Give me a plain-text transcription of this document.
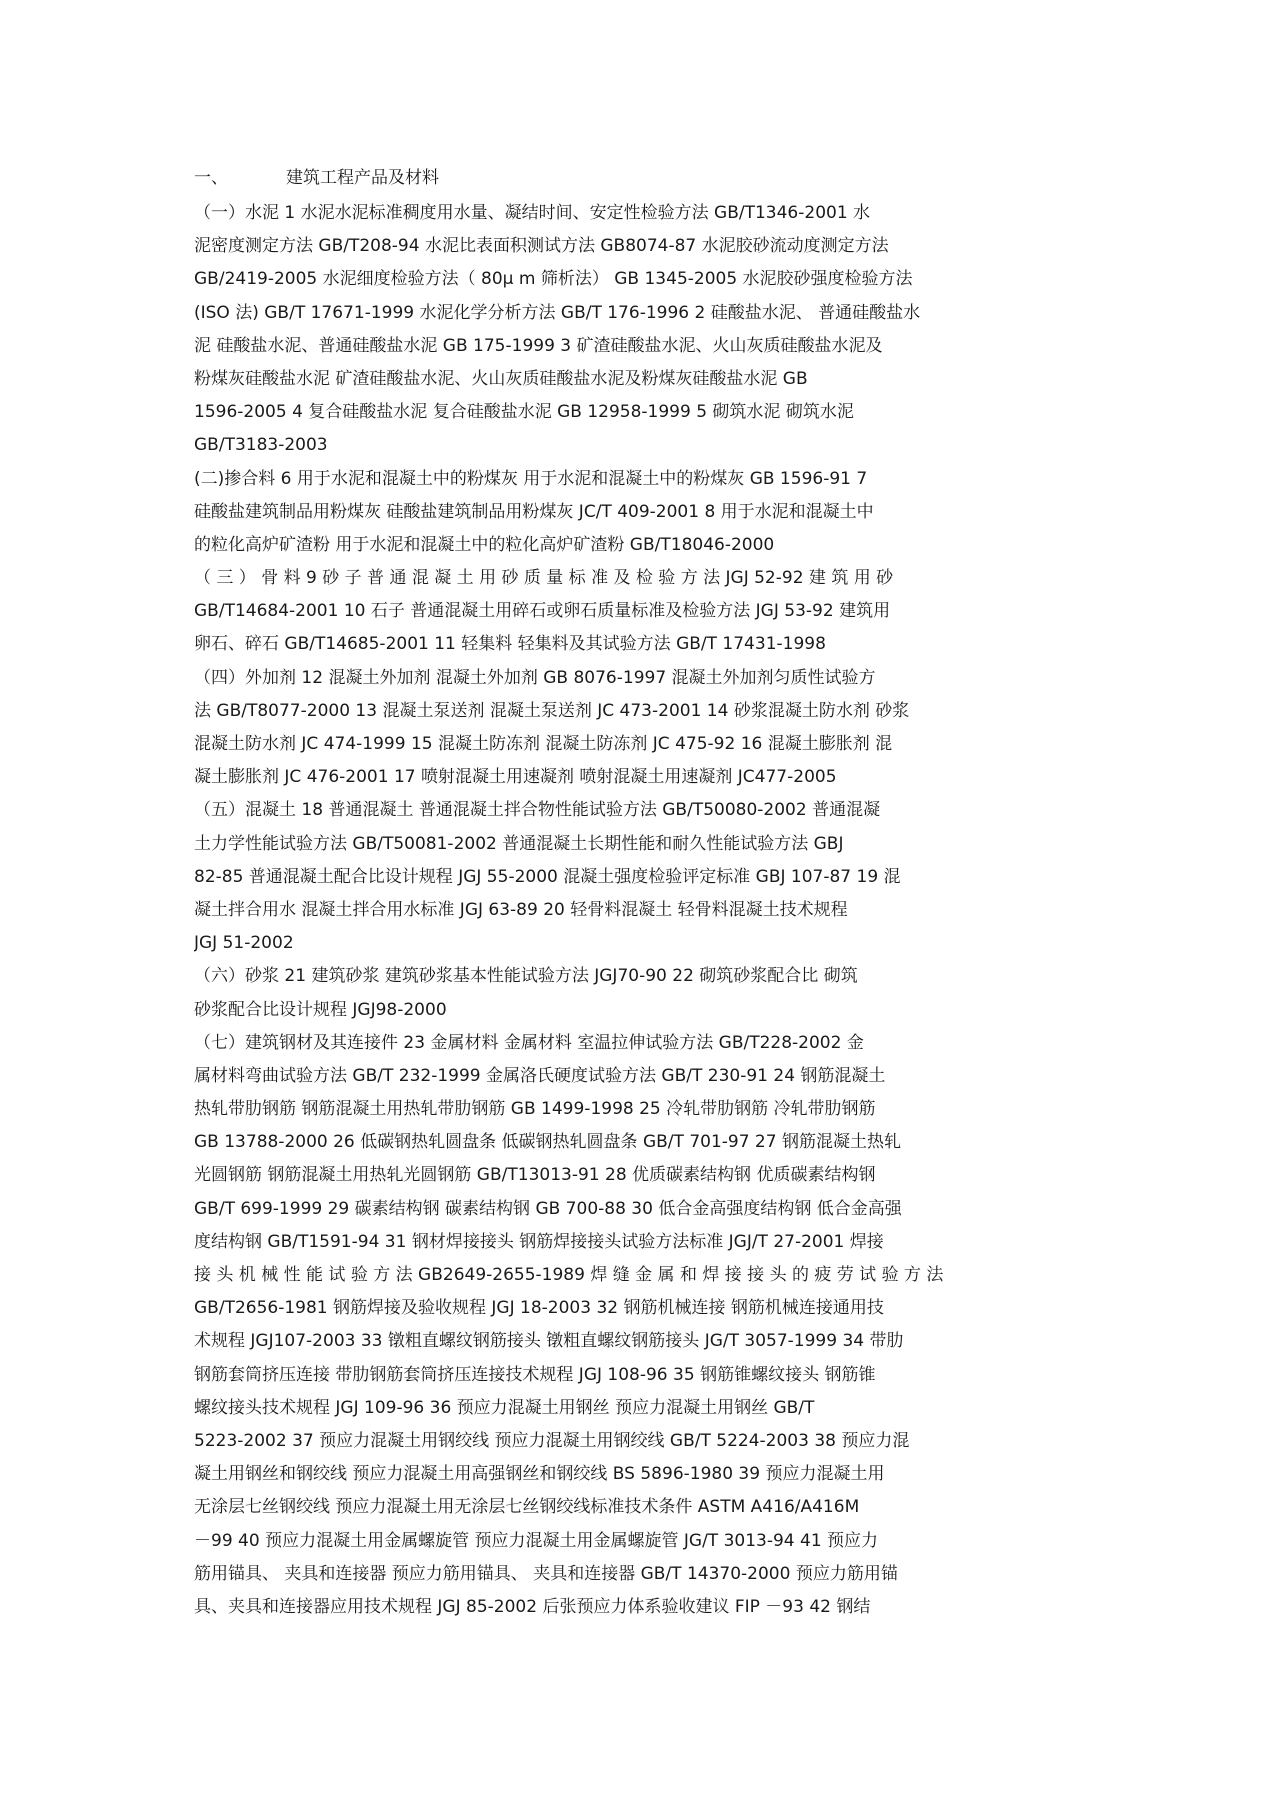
一、	建筑工程产品及材料
（一）水泥 1 水泥水泥标准稠度用水量、凝结时间、安定性检验方法 GB/T1346-2001 水
泥密度测定方法 GB/T208-94 水泥比表面积测试方法 GB8074-87 水泥胶砂流动度测定方法
GB/2419-2005 水泥细度检验方法（ 80μ m 筛析法） GB 1345-2005 水泥胶砂强度检验方法
(ISO 法) GB/T 17671-1999 水泥化学分析方法 GB/T 176-1996 2 硅酸盐水泥、 普通硅酸盐水
泥 硅酸盐水泥、普通硅酸盐水泥 GB 175-1999 3 矿渣硅酸盐水泥、火山灰质硅酸盐水泥及
粉煤灰硅酸盐水泥 矿渣硅酸盐水泥、火山灰质硅酸盐水泥及粉煤灰硅酸盐水泥 GB
1596-2005 4 复合硅酸盐水泥 复合硅酸盐水泥 GB 12958-1999 5 砌筑水泥 砌筑水泥
GB/T3183-2003
(二)掺合料 6 用于水泥和混凝土中的粉煤灰 用于水泥和混凝土中的粉煤灰 GB 1596-91 7
硅酸盐建筑制品用粉煤灰 硅酸盐建筑制品用粉煤灰 JC/T 409-2001 8 用于水泥和混凝土中
的粒化高炉矿渣粉 用于水泥和混凝土中的粒化高炉矿渣粉 GB/T18046-2000
（ 三 ） 骨 料 9 砂 子 普 通 混 凝 土 用 砂 质 量 标 准 及 检 验 方 法 JGJ 52-92 建 筑 用 砂
GB/T14684-2001 10 石子 普通混凝土用碎石或卵石质量标准及检验方法 JGJ 53-92 建筑用
卵石、碎石 GB/T14685-2001 11 轻集料 轻集料及其试验方法 GB/T 17431-1998
（四）外加剂 12 混凝土外加剂 混凝土外加剂 GB 8076-1997 混凝土外加剂匀质性试验方
法 GB/T8077-2000 13 混凝土泵送剂 混凝土泵送剂 JC 473-2001 14 砂浆混凝土防水剂 砂浆
混凝土防水剂 JC 474-1999 15 混凝土防冻剂 混凝土防冻剂 JC 475-92 16 混凝土膨胀剂 混
凝土膨胀剂 JC 476-2001 17 喷射混凝土用速凝剂 喷射混凝土用速凝剂 JC477-2005
（五）混凝土 18 普通混凝土 普通混凝土拌合物性能试验方法 GB/T50080-2002 普通混凝
土力学性能试验方法 GB/T50081-2002 普通混凝土长期性能和耐久性能试验方法 GBJ
82-85 普通混凝土配合比设计规程 JGJ 55-2000 混凝土强度检验评定标准 GBJ 107-87 19 混
凝土拌合用水 混凝土拌合用水标准 JGJ 63-89 20 轻骨料混凝土 轻骨料混凝土技术规程
JGJ 51-2002
（六）砂浆 21 建筑砂浆 建筑砂浆基本性能试验方法 JGJ70-90 22 砌筑砂浆配合比 砌筑
砂浆配合比设计规程 JGJ98-2000
（七）建筑钢材及其连接件 23 金属材料 金属材料 室温拉伸试验方法 GB/T228-2002 金
属材料弯曲试验方法 GB/T 232-1999 金属洛氏硬度试验方法 GB/T 230-91 24 钢筋混凝土
热轧带肋钢筋 钢筋混凝土用热轧带肋钢筋 GB 1499-1998 25 冷轧带肋钢筋 冷轧带肋钢筋
GB 13788-2000 26 低碳钢热轧圆盘条 低碳钢热轧圆盘条 GB/T 701-97 27 钢筋混凝土热轧
光圆钢筋 钢筋混凝土用热轧光圆钢筋 GB/T13013-91 28 优质碳素结构钢 优质碳素结构钢
GB/T 699-1999 29 碳素结构钢 碳素结构钢 GB 700-88 30 低合金高强度结构钢 低合金高强
度结构钢 GB/T1591-94 31 钢材焊接接头 钢筋焊接接头试验方法标准 JGJ/T 27-2001 焊接
接 头 机 械 性 能 试 验 方 法 GB2649-2655-1989 焊 缝 金 属 和 焊 接 接 头 的 疲 劳 试 验 方 法
GB/T2656-1981 钢筋焊接及验收规程 JGJ 18-2003 32 钢筋机械连接 钢筋机械连接通用技
术规程 JGJ107-2003 33 镦粗直螺纹钢筋接头 镦粗直螺纹钢筋接头 JG/T 3057-1999 34 带肋
钢筋套筒挤压连接 带肋钢筋套筒挤压连接技术规程 JGJ 108-96 35 钢筋锥螺纹接头 钢筋锥
螺纹接头技术规程 JGJ 109-96 36 预应力混凝土用钢丝 预应力混凝土用钢丝 GB/T
5223-2002 37 预应力混凝土用钢绞线 预应力混凝土用钢绞线 GB/T 5224-2003 38 预应力混
凝土用钢丝和钢绞线 预应力混凝土用高强钢丝和钢绞线 BS 5896-1980 39 预应力混凝土用
无涂层七丝钢绞线 预应力混凝土用无涂层七丝钢绞线标准技术条件 ASTM A416/A416M
－99 40 预应力混凝土用金属螺旋管 预应力混凝土用金属螺旋管 JG/T 3013-94 41 预应力
筋用锚具、 夹具和连接器 预应力筋用锚具、 夹具和连接器 GB/T 14370-2000 预应力筋用锚
具、夹具和连接器应用技术规程 JGJ 85-2002 后张预应力体系验收建议 FIP －93 42 钢结
